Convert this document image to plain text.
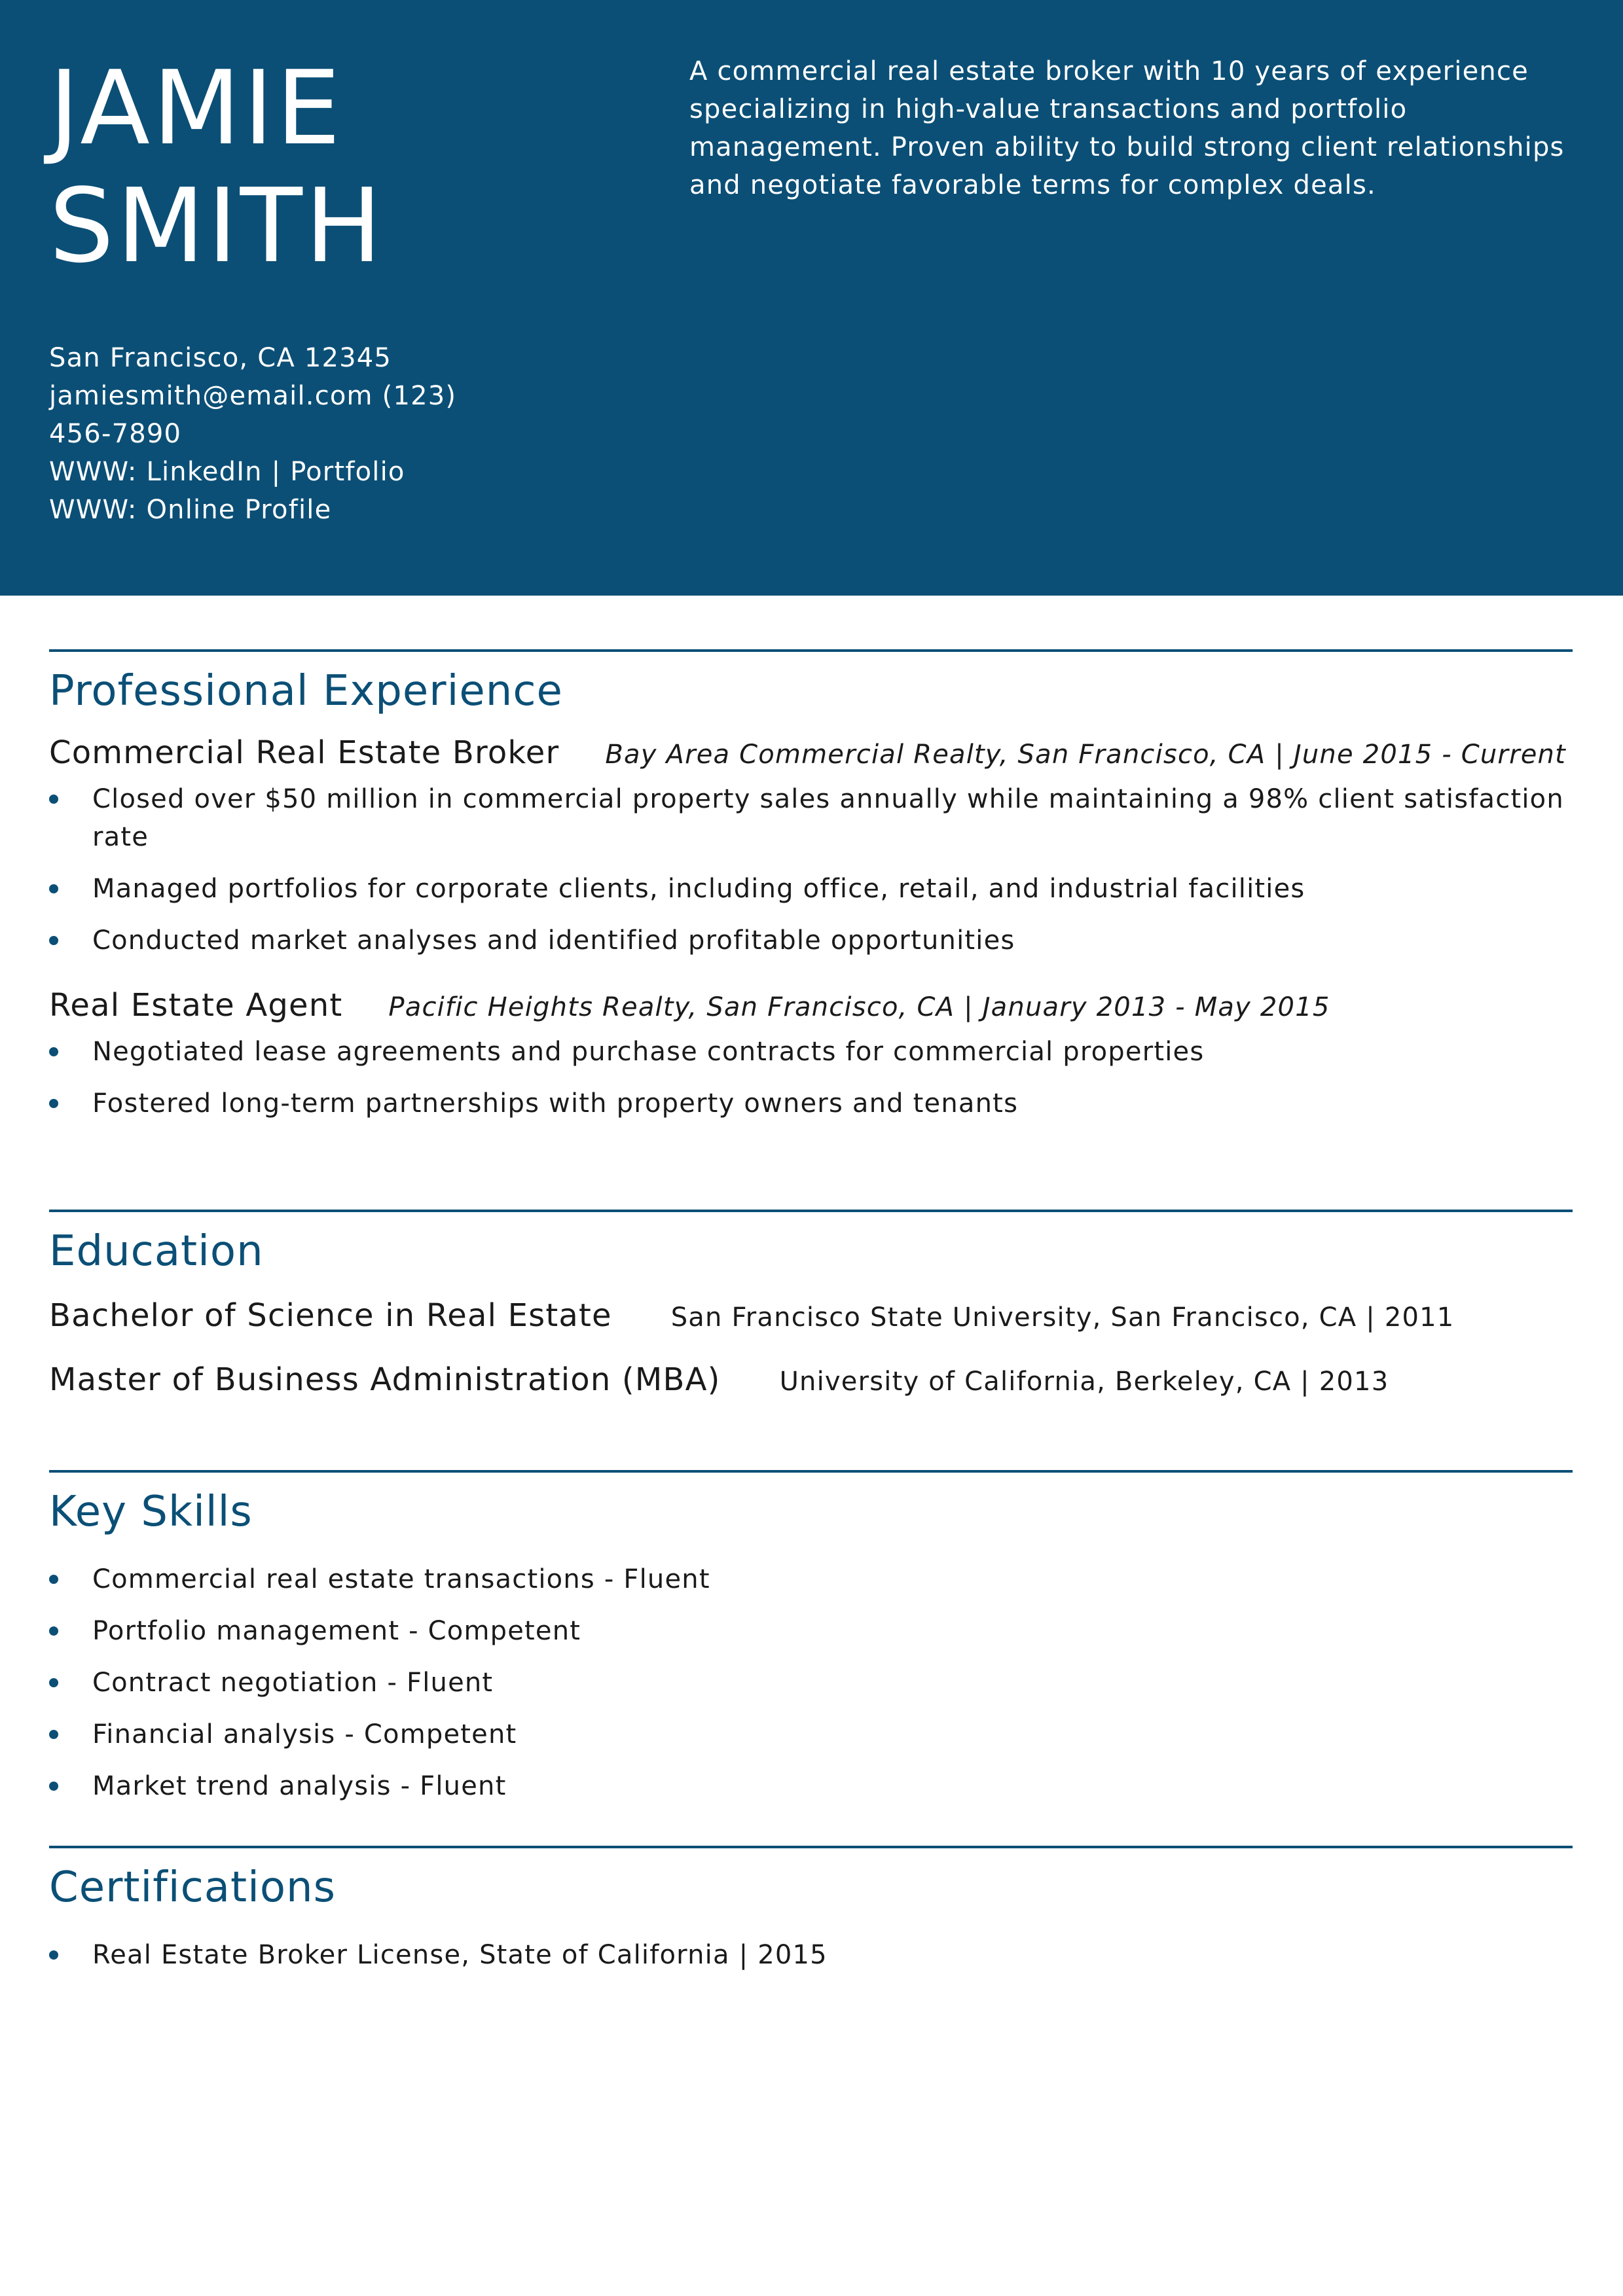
JAMIE
SMITH
A commercial real estate broker with 10 years of experience specializing in high-value transactions and portfolio management. Proven ability to build strong client relationships and negotiate favorable terms for complex deals.
San Francisco, CA 12345
jamiesmith@email.com (123)
456-7890
WWW: LinkedIn | Portfolio
WWW: Online Profile
Professional Experience
Commercial Real Estate Broker Bay Area Commercial Realty, San Francisco, CA | June 2015 - Current
Closed over $50 million in commercial property sales annually while maintaining a 98% client satisfaction rate
Managed portfolios for corporate clients, including office, retail, and industrial facilities
Conducted market analyses and identified profitable opportunities
Real Estate Agent Pacific Heights Realty, San Francisco, CA | January 2013 - May 2015
Negotiated lease agreements and purchase contracts for commercial properties
Fostered long-term partnerships with property owners and tenants
Education
Bachelor of Science in Real Estate San Francisco State University, San Francisco, CA | 2011
Master of Business Administration (MBA) University of California, Berkeley, CA | 2013
Key Skills
Commercial real estate transactions - Fluent
Portfolio management - Competent
Contract negotiation - Fluent
Financial analysis - Competent
Market trend analysis - Fluent
Certifications
Real Estate Broker License, State of California | 2015
